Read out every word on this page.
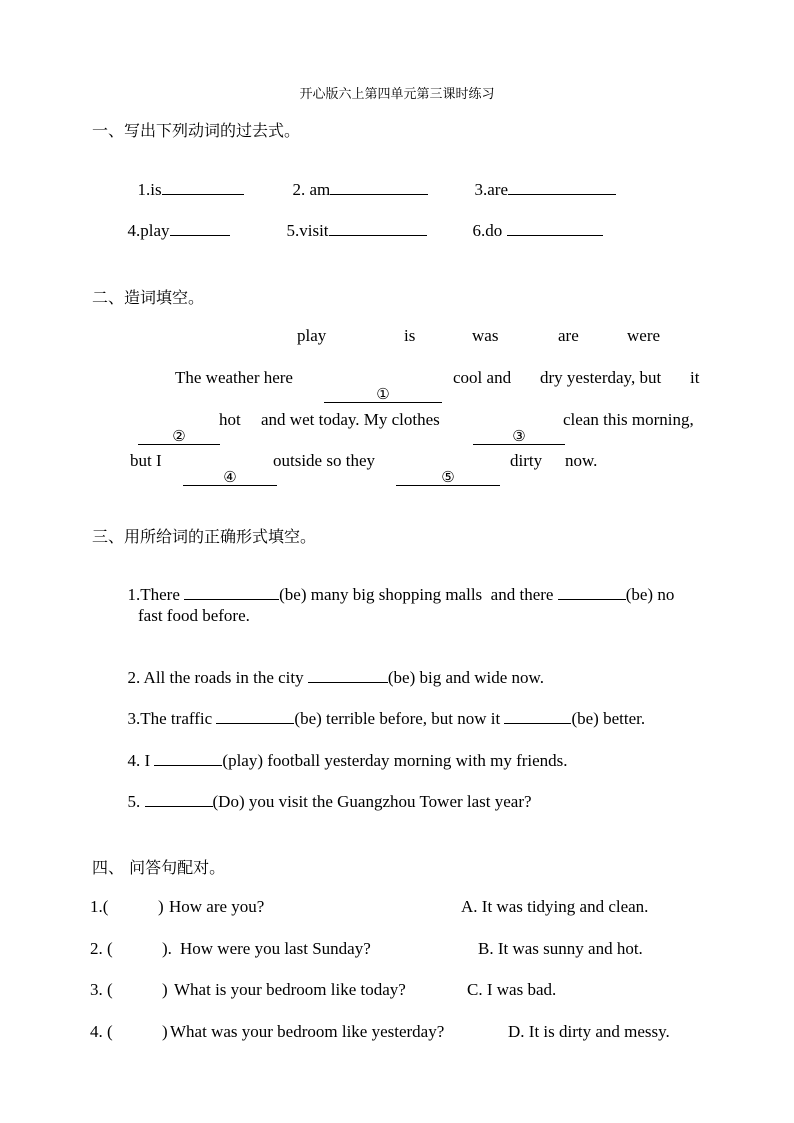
开心版六上第四单元第三课时练习
一、写出下列动词的过去式。

1.is	2. am	3.are

4.play	5.visit	6.do

二、造词填空。
play	is	was	are	were
The weather here

①

cool and dry yesterday, but it

②

hot and wet today. My clothes

③

clean this morning,
but I

④

outside so they

⑤

dirty now.
三、用所给词的正确形式填空。

1.There	(be) many big shopping malls and there	(be) no

fast food before.

2. All the roads in the city	(be) big and wide now.

3.The traffic	(be) terrible before, but now it	(be) better.

4. I	(play) football yesterday morning with my friends.

5.	(Do) you visit the Guangzhou Tower last year?

四、 问答句配对。
1.(	) How are you?	A. It was tidying and clean.
2. (	). How were you last Sunday?	B. It was sunny and hot.
3. (	) What is your bedroom like today?	C. I was bad.
4. (	) What was your bedroom like yesterday?	D. It is dirty and messy.
